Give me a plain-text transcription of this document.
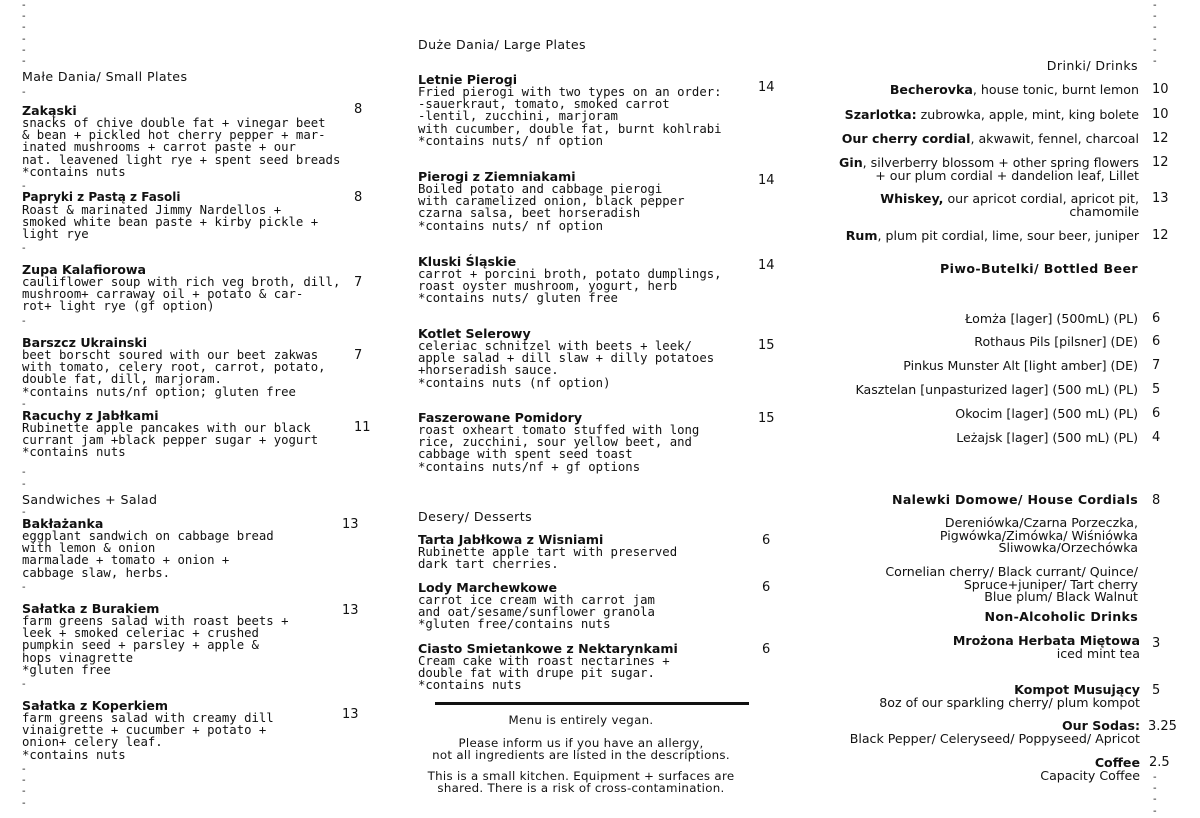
-
-
-
-
-
-
-
-
-
-
-
-
Małe Dania/ Small Plates
-
Zakąski
snacks of chive double fat + vinegar beet
& bean + pickled hot cherry pepper + mar-
inated mushrooms + carrot paste + our
nat. leavened light rye + spent seed breads
*contains nuts
8
-
Papryki z Pastą z Fasoli
Roast & marinated Jimmy Nardellos +
smoked white bean paste + kirby pickle +
light rye
8
-
Zupa Kalafiorowa
cauliflower soup with rich veg broth, dill,
mushroom+ carraway oil + potato & car-
rot+ light rye (gf option)
7
-
Barszcz Ukrainski
beet borscht soured with our beet zakwas
with tomato, celery root, carrot, potato,
double fat, dill, marjoram.
*contains nuts/nf option; gluten free
7
-
Racuchy z Jabłkami
Rubinette apple pancakes with our black
currant jam +black pepper sugar + yogurt
*contains nuts
11
-
-
Sandwiches + Salad
-
Bakłażanka
eggplant sandwich on cabbage bread
with lemon & onion
marmalade + tomato + onion +
cabbage slaw, herbs.
13
-
Sałatka z Burakiem
farm greens salad with roast beets +
leek + smoked celeriac + crushed
pumpkin seed + parsley + apple &
hops vinagrette
*gluten free
13
-
Sałatka z Koperkiem
farm greens salad with creamy dill
vinaigrette + cucumber + potato +
onion+ celery leaf.
*contains nuts
13
-
-
-
-
Duże Dania/ Large Plates
Letnie Pierogi
Fried pierogi with two types on an order:
-sauerkraut, tomato, smoked carrot
-lentil, zucchini, marjoram
with cucumber, double fat, burnt kohlrabi
*contains nuts/ nf option
14
Pierogi z Ziemniakami
Boiled potato and cabbage pierogi
with caramelized onion, black pepper
czarna salsa, beet horseradish
*contains nuts/ nf option
14
Kluski Śląskie
carrot + porcini broth, potato dumplings,
roast oyster mushroom, yogurt, herb
*contains nuts/ gluten free
14
Kotlet Selerowy
celeriac schnitzel with beets + leek/
apple salad + dill slaw + dilly potatoes
+horseradish sauce.
*contains nuts (nf option)
15
Faszerowane Pomidory
roast oxheart tomato stuffed with long
rice, zucchini, sour yellow beet, and
cabbage with spent seed toast
*contains nuts/nf + gf options
15
Desery/ Desserts
Tarta Jabłkowa z Wisniami
Rubinette apple tart with preserved
dark tart cherries.
6
Lody Marchewkowe
carrot ice cream with carrot jam
and oat/sesame/sunflower granola
*gluten free/contains nuts
6
Ciasto Smietankowe z Nektarynkami
Cream cake with roast nectarines +
double fat with drupe pit sugar.
*contains nuts
6
Menu is entirely vegan.
Please inform us if you have an allergy,
not all ingredients are listed in the descriptions.
This is a small kitchen. Equipment + surfaces are
shared. There is a risk of cross-contamination.
Drinki/ Drinks
Becherovka, house tonic, burnt lemon 10
Szarlotka: zubrowka, apple, mint, king bolete 10
Our cherry cordial, akwawit, fennel, charcoal 12
Gin, silverberry blossom + other spring flowers
+ our plum cordial + dandelion leaf, Lillet
12
Whiskey, our apricot cordial, apricot pit,
chamomile
13
Rum, plum pit cordial, lime, sour beer, juniper 12
Piwo-Butelki/ Bottled Beer
Łomża [lager] (500mL) (PL) 6
Rothaus Pils [pilsner] (DE) 6
Pinkus Munster Alt [light amber] (DE) 7
Kasztelan [unpasturized lager] (500 mL) (PL) 5
Okocim [lager] (500 mL) (PL) 6
Leżajsk [lager] (500 mL) (PL) 4
Nalewki Domowe/ House Cordials 8
Dereniówka/Czarna Porzeczka,
Pigwówka/Zimówka/ Wiśniówka
Śliwowka/Orzechówka
Cornelian cherry/ Black currant/ Quince/
Spruce+juniper/ Tart cherry
Blue plum/ Black Walnut
Non-Alcoholic Drinks
Mrożona Herbata Miętowa
iced mint tea
3
Kompot Musujący
8oz of our sparkling cherry/ plum kompot
5
Our Sodas:
Black Pepper/ Celeryseed/ Poppyseed/ Apricot
3.25
Coffee
Capacity Coffee
2.5
-
-
-
-
